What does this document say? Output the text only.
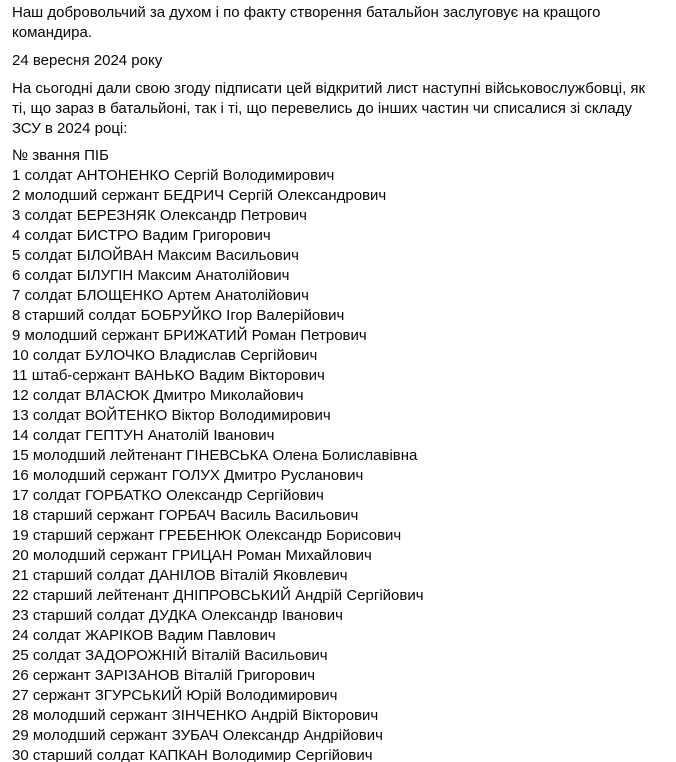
Наш добровольчий за духом і по факту створення батальйон заслуговує на кращого командира.

24 вересня 2024 року

На сьогодні дали свою згоду підписати цей відкритий лист наступні військовослужбовці, як ті, що зараз в батальйоні, так і ті, що перевелись до інших частин чи списалися зі складу ЗСУ в 2024 році:

№ звання ПІБ
1 солдат АНТОНЕНКО Сергій Володимирович
2 молодший сержант БЕДРИЧ Сергій Олександрович
3 солдат БЕРЕЗНЯК Олександр Петрович
4 солдат БИСТРО Вадим Григорович
5 солдат БІЛОЙВАН Максим Васильович
6 солдат БІЛУГІН Максим Анатолійович
7 солдат БЛОЩЕНКО Артем Анатолійович
8 старший солдат БОБРУЙКО Ігор Валерійович
9 молодший сержант БРИЖАТИЙ Роман Петрович
10 солдат БУЛОЧКО Владислав Сергійович
11 штаб-сержант ВАНЬКО Вадим Вікторович
12 солдат ВЛАСЮК Дмитро Миколайович
13 солдат ВОЙТЕНКО Віктор Володимирович
14 солдат ГЕПТУН Анатолій Іванович
15 молодший лейтенант ГІНЕВСЬКА Олена Болиславівна
16 молодший сержант ГОЛУХ Дмитро Русланович
17 солдат ГОРБАТКО Олександр Сергійович
18 старший сержант ГОРБАЧ Василь Васильович
19 старший сержант ГРЕБЕНЮК Олександр Борисович
20 молодший сержант ГРИЦАН Роман Михайлович
21 старший солдат ДАНІЛОВ Віталій Яковлевич
22 старший лейтенант ДНІПРОВСЬКИЙ Андрій Сергійович
23 старший солдат ДУДКА Олександр Іванович
24 солдат ЖАРІКОВ Вадим Павлович
25 солдат ЗАДОРОЖНІЙ Віталій Васильович
26 сержант ЗАРІЗАНОВ Віталій Григорович
27 сержант ЗГУРСЬКИЙ Юрій Володимирович
28 молодший сержант ЗІНЧЕНКО Андрій Вікторович
29 молодший сержант ЗУБАЧ Олександр Андрійович
30 старший солдат КАПКАН Володимир Сергійович
